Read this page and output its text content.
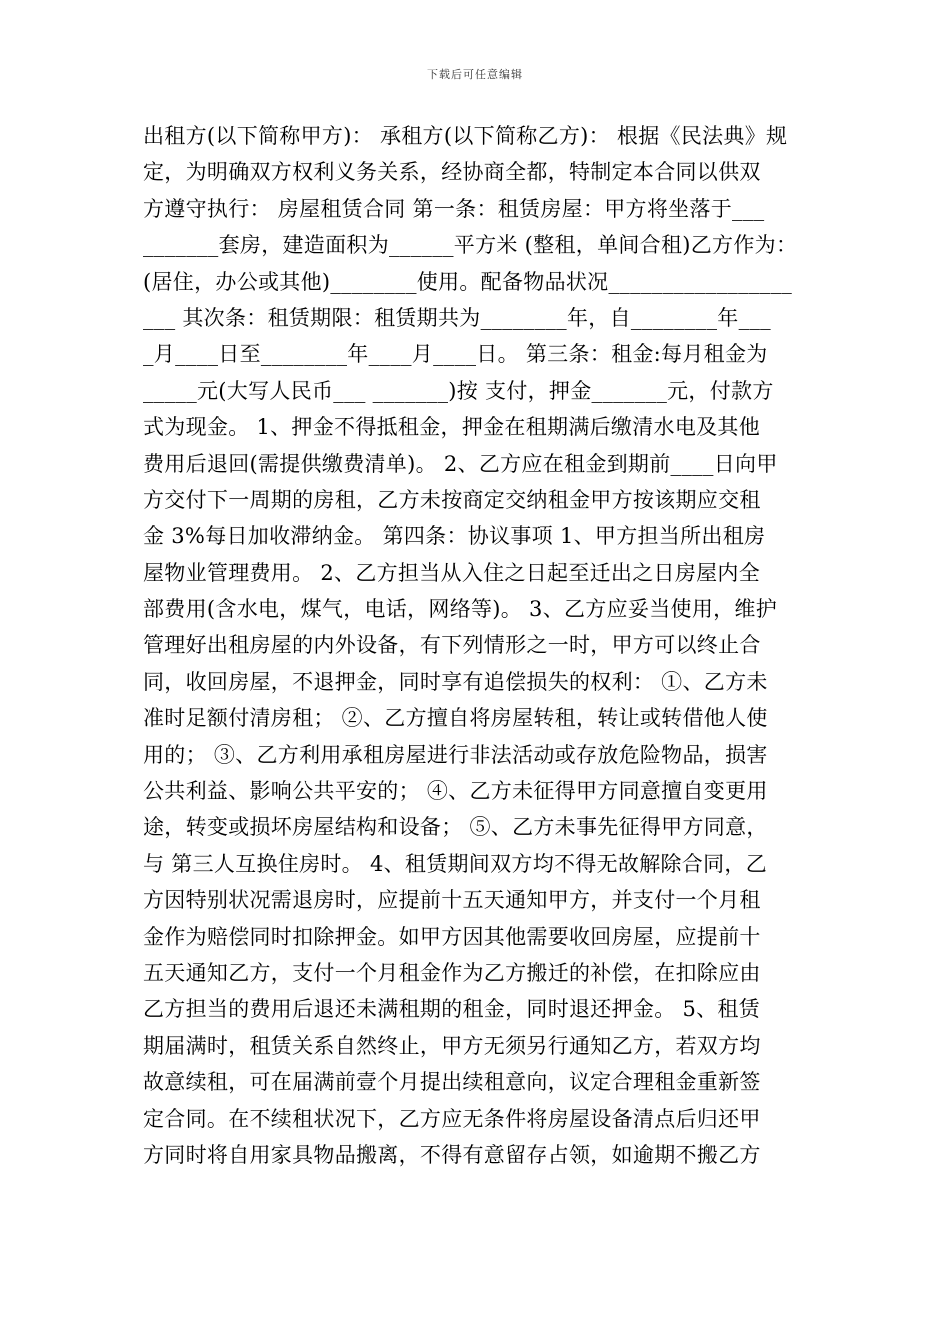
下载后可任意编辑
出租方(以下简称甲方)： 承租方(以下简称乙方)： 根据《民法典》规
定，为明确双方权利义务关系，经协商全都，特制定本合同以供双
方遵守执行： 房屋租赁合同 第一条：租赁房屋：甲方将坐落于___
_______套房，建造面积为______平方米 (整租，单间合租)乙方作为：
(居住，办公或其他)________使用。配备物品状况_________________
___ 其次条：租赁期限：租赁期共为________年，自________年___
_月____日至________年____月____日。 第三条：租金:每月租金为
_____元(大写人民币___ _______)按 支付，押金_______元，付款方
式为现金。 1、押金不得抵租金，押金在租期满后缴清水电及其他
费用后退回(需提供缴费清单)。 2、乙方应在租金到期前____日向甲
方交付下一周期的房租，乙方未按商定交纳租金甲方按该期应交租
金 3%每日加收滞纳金。 第四条：协议事项 1、甲方担当所出租房
屋物业管理费用。 2、乙方担当从入住之日起至迁出之日房屋内全
部费用(含水电，煤气，电话，网络等)。 3、乙方应妥当使用，维护
管理好出租房屋的内外设备，有下列情形之一时，甲方可以终止合
同，收回房屋，不退押金，同时享有追偿损失的权利： ①、乙方未
准时足额付清房租； ②、乙方擅自将房屋转租，转让或转借他人使
用的； ③、乙方利用承租房屋进行非法活动或存放危险物品，损害
公共利益、影响公共平安的； ④、乙方未征得甲方同意擅自变更用
途，转变或损坏房屋结构和设备； ⑤、乙方未事先征得甲方同意，
与 第三人互换住房时。 4、租赁期间双方均不得无故解除合同，乙
方因特别状况需退房时，应提前十五天通知甲方，并支付一个月租
金作为赔偿同时扣除押金。如甲方因其他需要收回房屋，应提前十
五天通知乙方，支付一个月租金作为乙方搬迁的补偿，在扣除应由
乙方担当的费用后退还未满租期的租金，同时退还押金。 5、租赁
期届满时，租赁关系自然终止，甲方无须另行通知乙方，若双方均
故意续租，可在届满前壹个月提出续租意向，议定合理租金重新签
定合同。在不续租状况下，乙方应无条件将房屋设备清点后归还甲
方同时将自用家具物品搬离，不得有意留存占领，如逾期不搬乙方
